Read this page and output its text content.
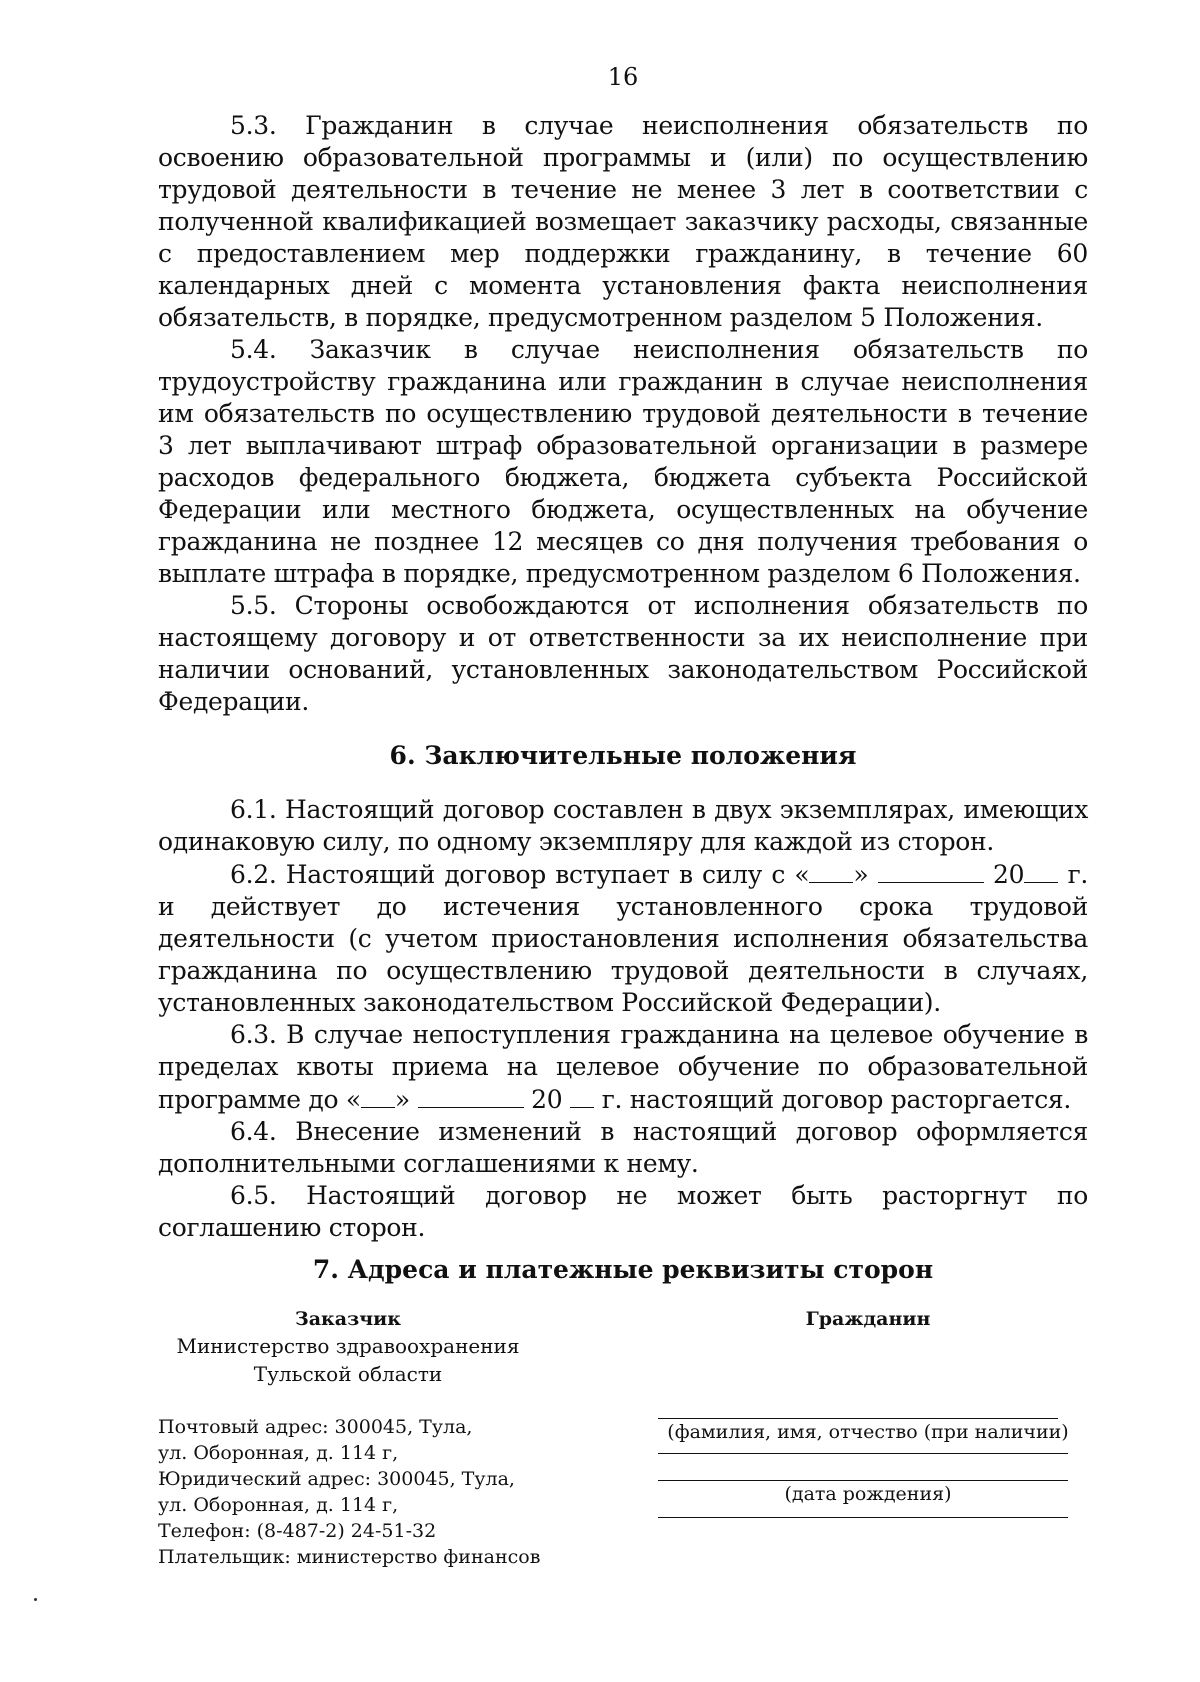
16

5.3. Гражданин в случае неисполнения обязательств по освоению образовательной программы и (или) по осуществлению трудовой деятельности в течение не менее 3 лет в соответствии с полученной квалификацией возмещает заказчику расходы, связанные с предоставлением мер поддержки гражданину, в течение 60 календарных дней с момента установления факта неисполнения обязательств, в порядке, предусмотренном разделом 5 Положения.

5.4. Заказчик в случае неисполнения обязательств по трудоустройству гражданина или гражданин в случае неисполнения им обязательств по осуществлению трудовой деятельности в течение 3 лет выплачивают штраф образовательной организации в размере расходов федерального бюджета, бюджета субъекта Российской Федерации или местного бюджета, осуществленных на обучение гражданина не позднее 12 месяцев со дня получения требования о выплате штрафа в порядке, предусмотренном разделом 6 Положения.

5.5. Стороны освобождаются от исполнения обязательств по настоящему договору и от ответственности за их неисполнение при наличии оснований, установленных законодательством Российской Федерации.

6. Заключительные положения

6.1. Настоящий договор составлен в двух экземплярах, имеющих одинаковую силу, по одному экземпляру для каждой из сторон.

6.2. Настоящий договор вступает в силу с « »	20 г. и действует до истечения установленного срока трудовой деятельности (с учетом приостановления исполнения обязательства гражданина по осуществлению трудовой деятельности в случаях, установленных законодательством Российской Федерации).

6.3. В случае непоступления гражданина на целевое обучение в пределах квоты приема на целевое обучение по образовательной программе до « »	20 г. настоящий договор расторгается.

6.4. Внесение изменений в настоящий договор оформляется дополнительными соглашениями к нему.

6.5. Настоящий договор не может быть расторгнут по соглашению сторон.

7. Адреса и платежные реквизиты сторон

Заказчик

Министерство здравоохранения

Тульской области

Почтовый адрес: 300045, Тула,
ул. Оборонная, д. 114 г,
Юридический адрес: 300045, Тула,
ул. Оборонная, д. 114 г,
Телефон: (8-487-2) 24-51-32
Плательщик: министерство финансов

Гражданин

(фамилия, имя, отчество (при наличии)
(дата рождения)
